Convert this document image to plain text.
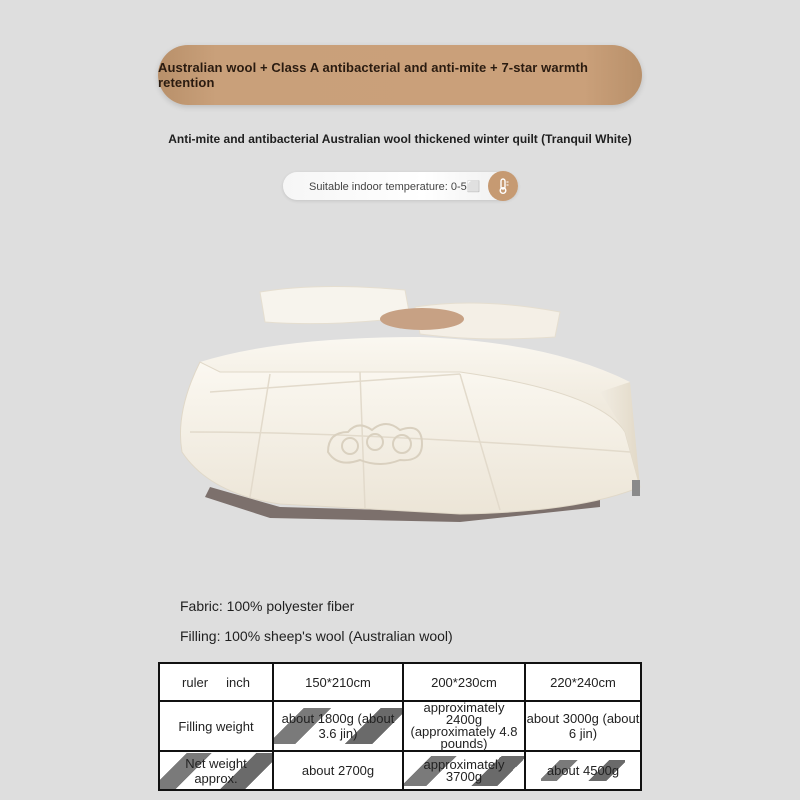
Australian wool + Class A antibacterial and anti-mite + 7-star warmth retention
Anti-mite and antibacterial Australian wool thickened winter quilt (Tranquil White)
Suitable indoor temperature: 0-5⬜
Fabric: 100% polyester fiber
Filling: 100% sheep's wool (Australian wool)
ruler inch	150*210cm	200*230cm	220*240cm
Filling weight	about 1800g (about 3.6 jin)	approximately 2400g (approximately 4.8 pounds)	about 3000g (about 6 jin)
Net weight approx.	about 2700g	approximately 3700g	about 4500g
